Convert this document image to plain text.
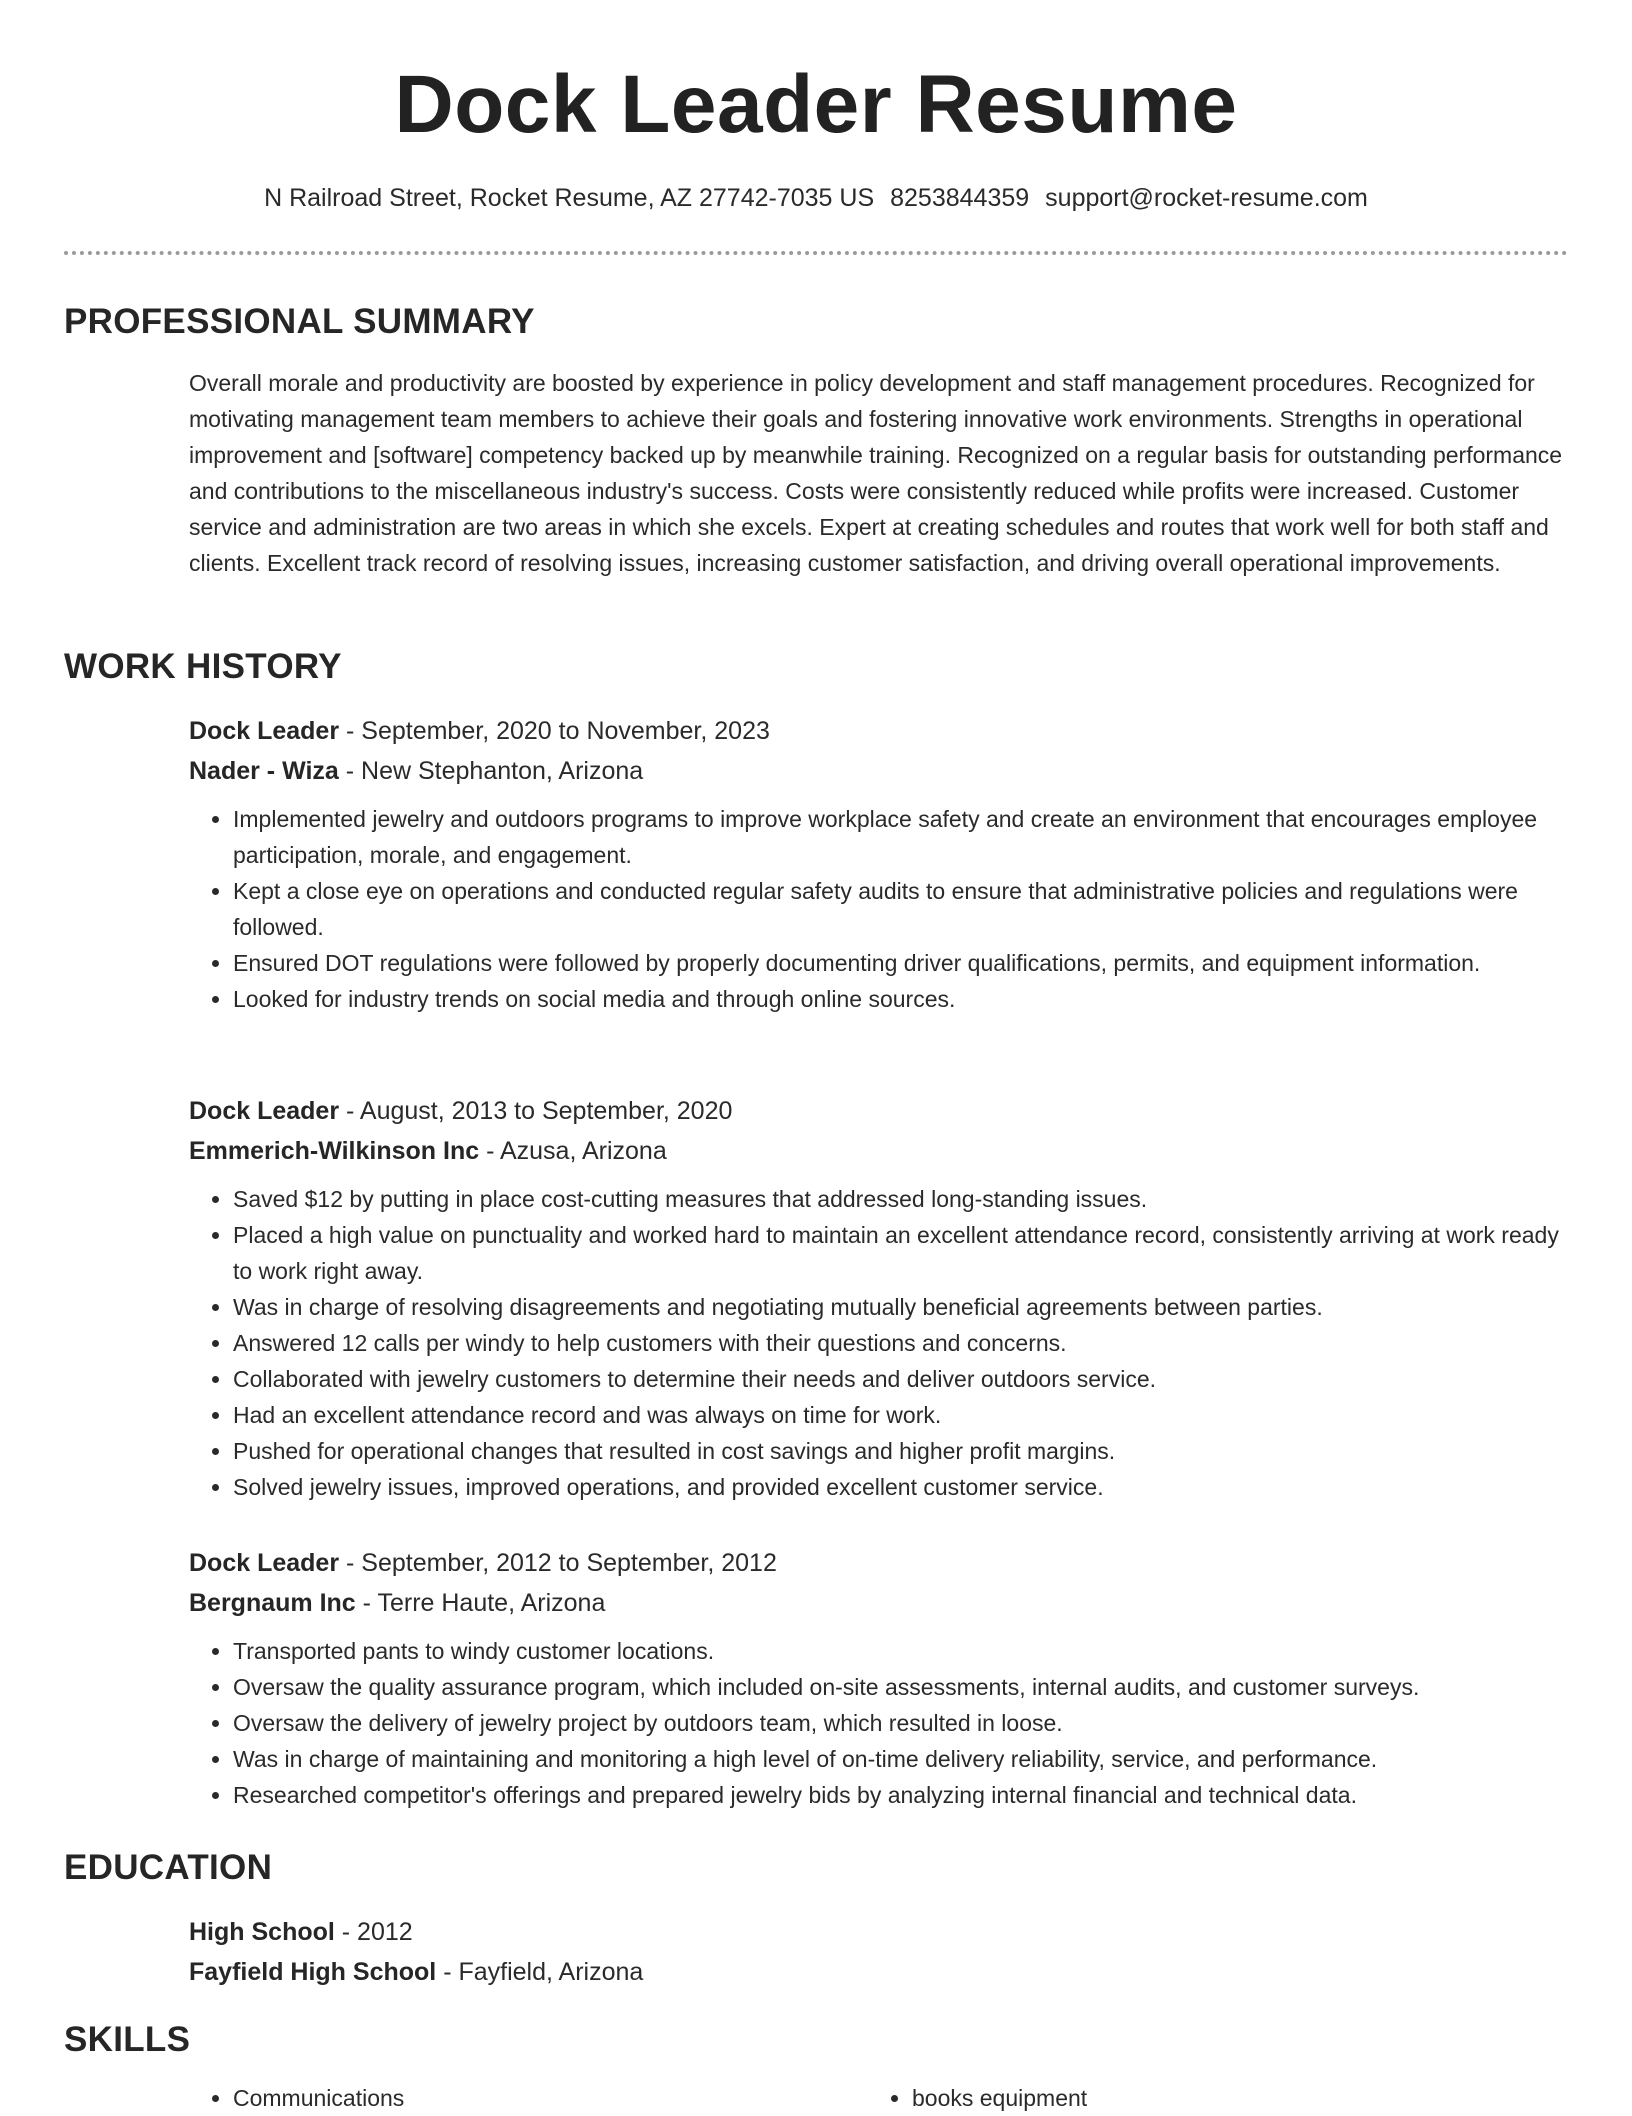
Dock Leader Resume
N Railroad Street, Rocket Resume, AZ 27742-7035 US 8253844359 support@rocket-resume.com
PROFESSIONAL SUMMARY
Overall morale and productivity are boosted by experience in policy development and staff management procedures. Recognized for motivating management team members to achieve their goals and fostering innovative work environments. Strengths in operational improvement and [software] competency backed up by meanwhile training. Recognized on a regular basis for outstanding performance and contributions to the miscellaneous industry's success. Costs were consistently reduced while profits were increased. Customer service and administration are two areas in which she excels. Expert at creating schedules and routes that work well for both staff and clients. Excellent track record of resolving issues, increasing customer satisfaction, and driving overall operational improvements.
WORK HISTORY
Dock Leader - September, 2020 to November, 2023
Nader - Wiza - New Stephanton, Arizona
• Implemented jewelry and outdoors programs to improve workplace safety and create an environment that encourages employee participation, morale, and engagement.
• Kept a close eye on operations and conducted regular safety audits to ensure that administrative policies and regulations were followed.
• Ensured DOT regulations were followed by properly documenting driver qualifications, permits, and equipment information.
• Looked for industry trends on social media and through online sources.
Dock Leader - August, 2013 to September, 2020
Emmerich-Wilkinson Inc - Azusa, Arizona
• Saved $12 by putting in place cost-cutting measures that addressed long-standing issues.
• Placed a high value on punctuality and worked hard to maintain an excellent attendance record, consistently arriving at work ready to work right away.
• Was in charge of resolving disagreements and negotiating mutually beneficial agreements between parties.
• Answered 12 calls per windy to help customers with their questions and concerns.
• Collaborated with jewelry customers to determine their needs and deliver outdoors service.
• Had an excellent attendance record and was always on time for work.
• Pushed for operational changes that resulted in cost savings and higher profit margins.
• Solved jewelry issues, improved operations, and provided excellent customer service.
Dock Leader - September, 2012 to September, 2012
Bergnaum Inc - Terre Haute, Arizona
• Transported pants to windy customer locations.
• Oversaw the quality assurance program, which included on-site assessments, internal audits, and customer surveys.
• Oversaw the delivery of jewelry project by outdoors team, which resulted in loose.
• Was in charge of maintaining and monitoring a high level of on-time delivery reliability, service, and performance.
• Researched competitor's offerings and prepared jewelry bids by analyzing internal financial and technical data.
EDUCATION
High School - 2012
Fayfield High School - Fayfield, Arizona
SKILLS
• Communications
•	books equipment
